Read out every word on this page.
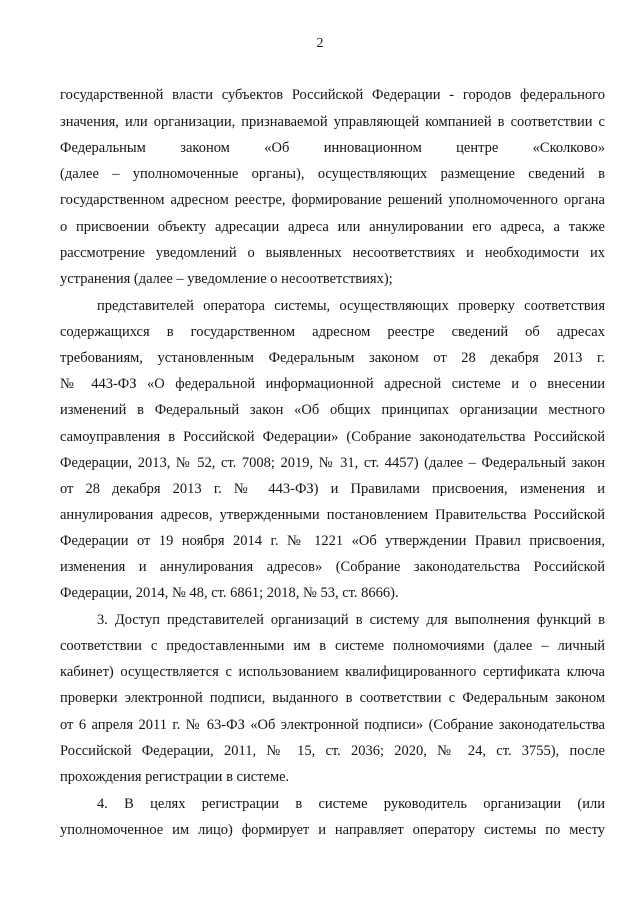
2
государственной власти субъектов Российской Федерации - городов федерального
значения, или организации, признаваемой управляющей компанией в соответствии с
Федеральным законом «Об инновационном центре «Сколково»
(далее – уполномоченные органы), осуществляющих размещение сведений в
государственном адресном реестре, формирование решений уполномоченного органа
о присвоении объекту адресации адреса или аннулировании его адреса, а также
рассмотрение уведомлений о выявленных несоответствиях и необходимости их
устранения (далее – уведомление о несоответствиях);
представителей оператора системы, осуществляющих проверку соответствия
содержащихся в государственном адресном реестре сведений об адресах
требованиям, установленным Федеральным законом от 28 декабря 2013 г.
№ 443-ФЗ «О федеральной информационной адресной системе и о внесении
изменений в Федеральный закон «Об общих принципах организации местного
самоуправления в Российской Федерации» (Собрание законодательства Российской
Федерации, 2013, № 52, ст. 7008; 2019, № 31, ст. 4457) (далее – Федеральный закон
от 28 декабря 2013 г. № 443-ФЗ) и Правилами присвоения, изменения и
аннулирования адресов, утвержденными постановлением Правительства Российской
Федерации от 19 ноября 2014 г. № 1221 «Об утверждении Правил присвоения,
изменения и аннулирования адресов» (Собрание законодательства Российской
Федерации, 2014, № 48, ст. 6861; 2018, № 53, ст. 8666).
3. Доступ представителей организаций в систему для выполнения функций в
соответствии с предоставленными им в системе полномочиями (далее – личный
кабинет) осуществляется с использованием квалифицированного сертификата ключа
проверки электронной подписи, выданного в соответствии с Федеральным законом
от 6 апреля 2011 г. № 63-ФЗ «Об электронной подписи» (Собрание законодательства
Российской Федерации, 2011, № 15, ст. 2036; 2020, № 24, ст. 3755), после
прохождения регистрации в системе.
4. В целях регистрации в системе руководитель организации (или
уполномоченное им лицо) формирует и направляет оператору системы по месту
